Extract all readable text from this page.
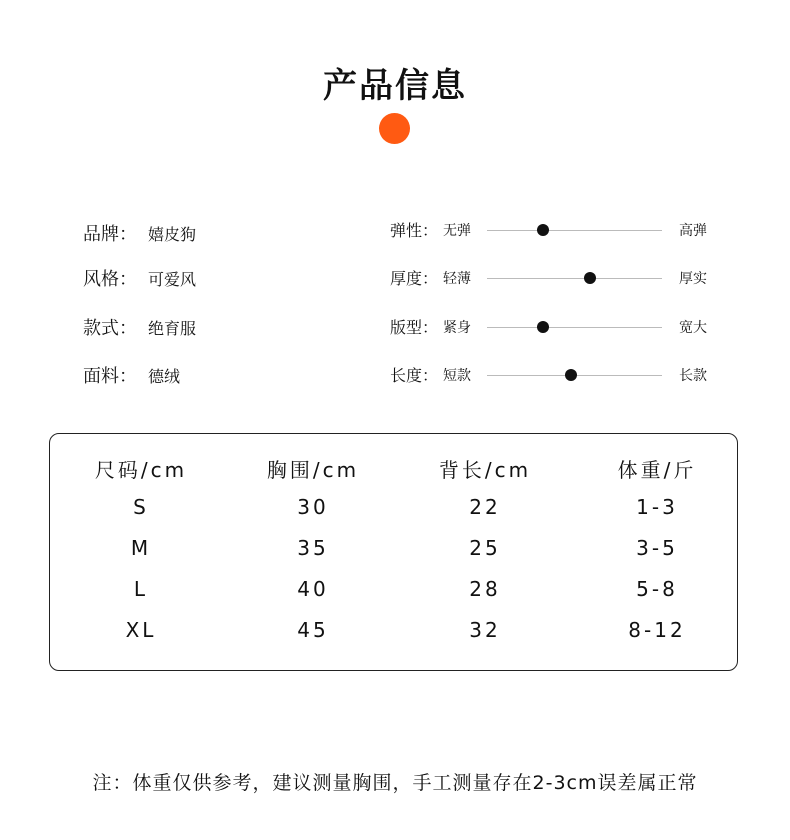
产品信息
品牌： 嬉皮狗
风格： 可爱风
款式： 绝育服
面料： 德绒
弹性： 无弹	高弹
厚度： 轻薄	厚实
版型： 紧身	宽大
长度： 短款	长款
尺码/cm	胸围/cm	背长/cm	体重/斤
S	30	22	1-3
M	35	25	3-5
L	40	28	5-8
XL	45	32	8-12
注：体重仅供参考，建议测量胸围，手工测量存在2-3cm误差属正常
